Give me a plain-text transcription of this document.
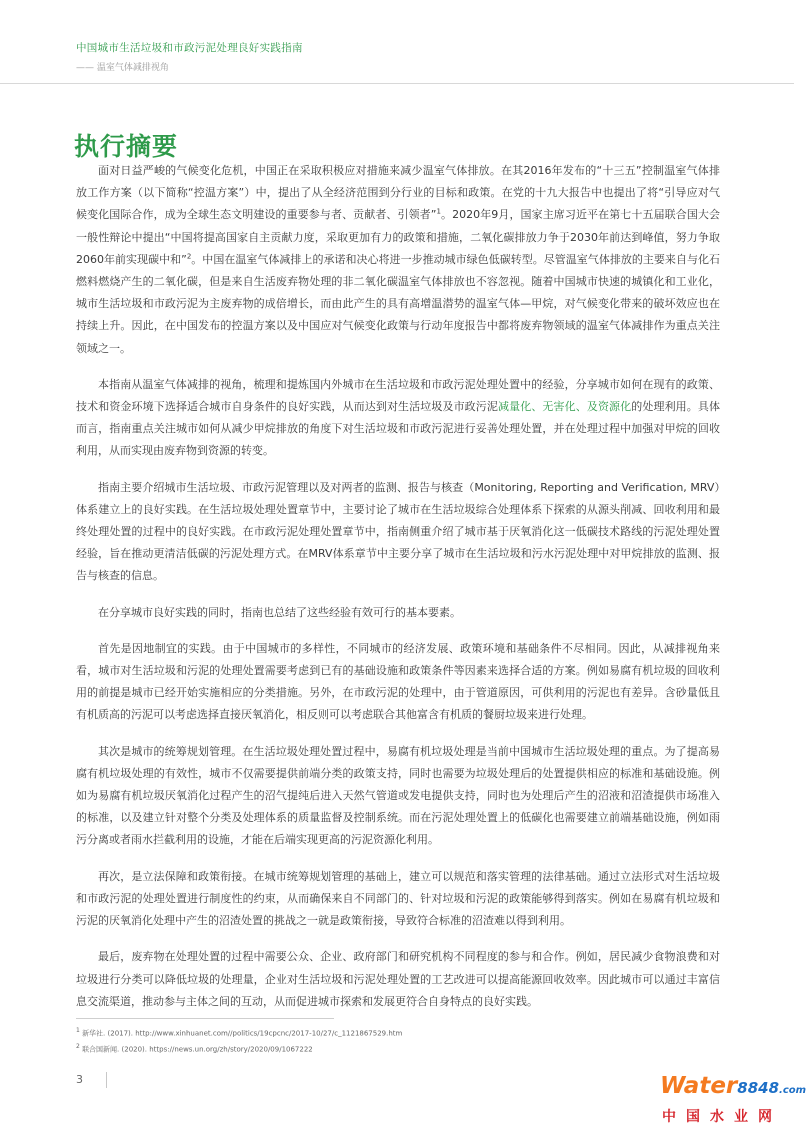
中国城市生活垃圾和市政污泥处理良好实践指南

—— 温室气体减排视角

执行摘要

面对日益严峻的气候变化危机，中国正在采取积极应对措施来减少温室气体排放。在其2016年发布的“十三五”控制温室气体排放工作方案（以下简称“控温方案”）中，提出了从全经济范围到分行业的目标和政策。在党的十九大报告中也提出了将“引导应对气候变化国际合作，成为全球生态文明建设的重要参与者、贡献者、引领者”$^1$。2020年9月，国家主席习近平在第七十五届联合国大会一般性辩论中提出“中国将提高国家自主贡献力度，采取更加有力的政策和措施，二氧化碳排放力争于2030年前达到峰值，努力争取2060年前实现碳中和”$^2$。中国在温室气体减排上的承诺和决心将进一步推动城市绿色低碳转型。尽管温室气体排放的主要来自与化石燃料燃烧产生的二氧化碳，但是来自生活废弃物处理的非二氧化碳温室气体排放也不容忽视。随着中国城市快速的城镇化和工业化，城市生活垃圾和市政污泥为主废弃物的成倍增长，而由此产生的具有高增温潜势的温室气体—甲烷，对气候变化带来的破坏效应也在持续上升。因此，在中国发布的控温方案以及中国应对气候变化政策与行动年度报告中都将废弃物领域的温室气体减排作为重点关注领域之一。

本指南从温室气体减排的视角，梳理和提炼国内外城市在生活垃圾和市政污泥处理处置中的经验，分享城市如何在现有的政策、技术和资金环境下选择适合城市自身条件的良好实践，从而达到对生活垃圾及市政污泥减量化、无害化、及资源化的处理利用。具体而言，指南重点关注城市如何从减少甲烷排放的角度下对生活垃圾和市政污泥进行妥善处理处置，并在处理过程中加强对甲烷的回收利用，从而实现由废弃物到资源的转变。

指南主要介绍城市生活垃圾、市政污泥管理以及对两者的监测、报告与核查（Monitoring, Reporting and Verification, MRV）体系建立上的良好实践。在生活垃圾处理处置章节中，主要讨论了城市在生活垃圾综合处理体系下探索的从源头削减、回收利用和最终处理处置的过程中的良好实践。在市政污泥处理处置章节中，指南侧重介绍了城市基于厌氧消化这一低碳技术路线的污泥处理处置经验，旨在推动更清洁低碳的污泥处理方式。在MRV体系章节中主要分享了城市在生活垃圾和污水污泥处理中对甲烷排放的监测、报告与核查的信息。

在分享城市良好实践的同时，指南也总结了这些经验有效可行的基本要素。

首先是因地制宜的实践。由于中国城市的多样性，不同城市的经济发展、政策环境和基础条件不尽相同。因此，从减排视角来看，城市对生活垃圾和污泥的处理处置需要考虑到已有的基础设施和政策条件等因素来选择合适的方案。例如易腐有机垃圾的回收利用的前提是城市已经开始实施相应的分类措施。另外，在市政污泥的处理中，由于管道原因，可供利用的污泥也有差异。含砂量低且有机质高的污泥可以考虑选择直接厌氧消化，相反则可以考虑联合其他富含有机质的餐厨垃圾来进行处理。

其次是城市的统筹规划管理。在生活垃圾处理处置过程中，易腐有机垃圾处理是当前中国城市生活垃圾处理的重点。为了提高易腐有机垃圾处理的有效性，城市不仅需要提供前端分类的政策支持，同时也需要为垃圾处理后的处置提供相应的标准和基础设施。例如为易腐有机垃圾厌氧消化过程产生的沼气提纯后进入天然气管道或发电提供支持，同时也为处理后产生的沼液和沼渣提供市场准入的标准，以及建立针对整个分类及处理体系的质量监督及控制系统。而在污泥处理处置上的低碳化也需要建立前端基础设施，例如雨污分离或者雨水拦截利用的设施，才能在后端实现更高的污泥资源化利用。

再次，是立法保障和政策衔接。在城市统筹规划管理的基础上，建立可以规范和落实管理的法律基础。通过立法形式对生活垃圾和市政污泥的处理处置进行制度性的约束，从而确保来自不同部门的、针对垃圾和污泥的政策能够得到落实。例如在易腐有机垃圾和污泥的厌氧消化处理中产生的沼渣处置的挑战之一就是政策衔接，导致符合标准的沼渣难以得到利用。

最后，废弃物在处理处置的过程中需要公众、企业、政府部门和研究机构不同程度的参与和合作。例如，居民减少食物浪费和对垃圾进行分类可以降低垃圾的处理量，企业对生活垃圾和污泥处理处置的工艺改进可以提高能源回收效率。因此城市可以通过丰富信息交流渠道，推动参与主体之间的互动，从而促进城市探索和发展更符合自身特点的良好实践。

$^1$ 新华社. (2017). http://www.xinhuanet.com//politics/19cpcnc/2017-10/27/c_1121867529.htm

$^2$ 联合国新闻. (2020). https://news.un.org/zh/story/2020/09/1067222

3	Water8848.com
中国水业网
